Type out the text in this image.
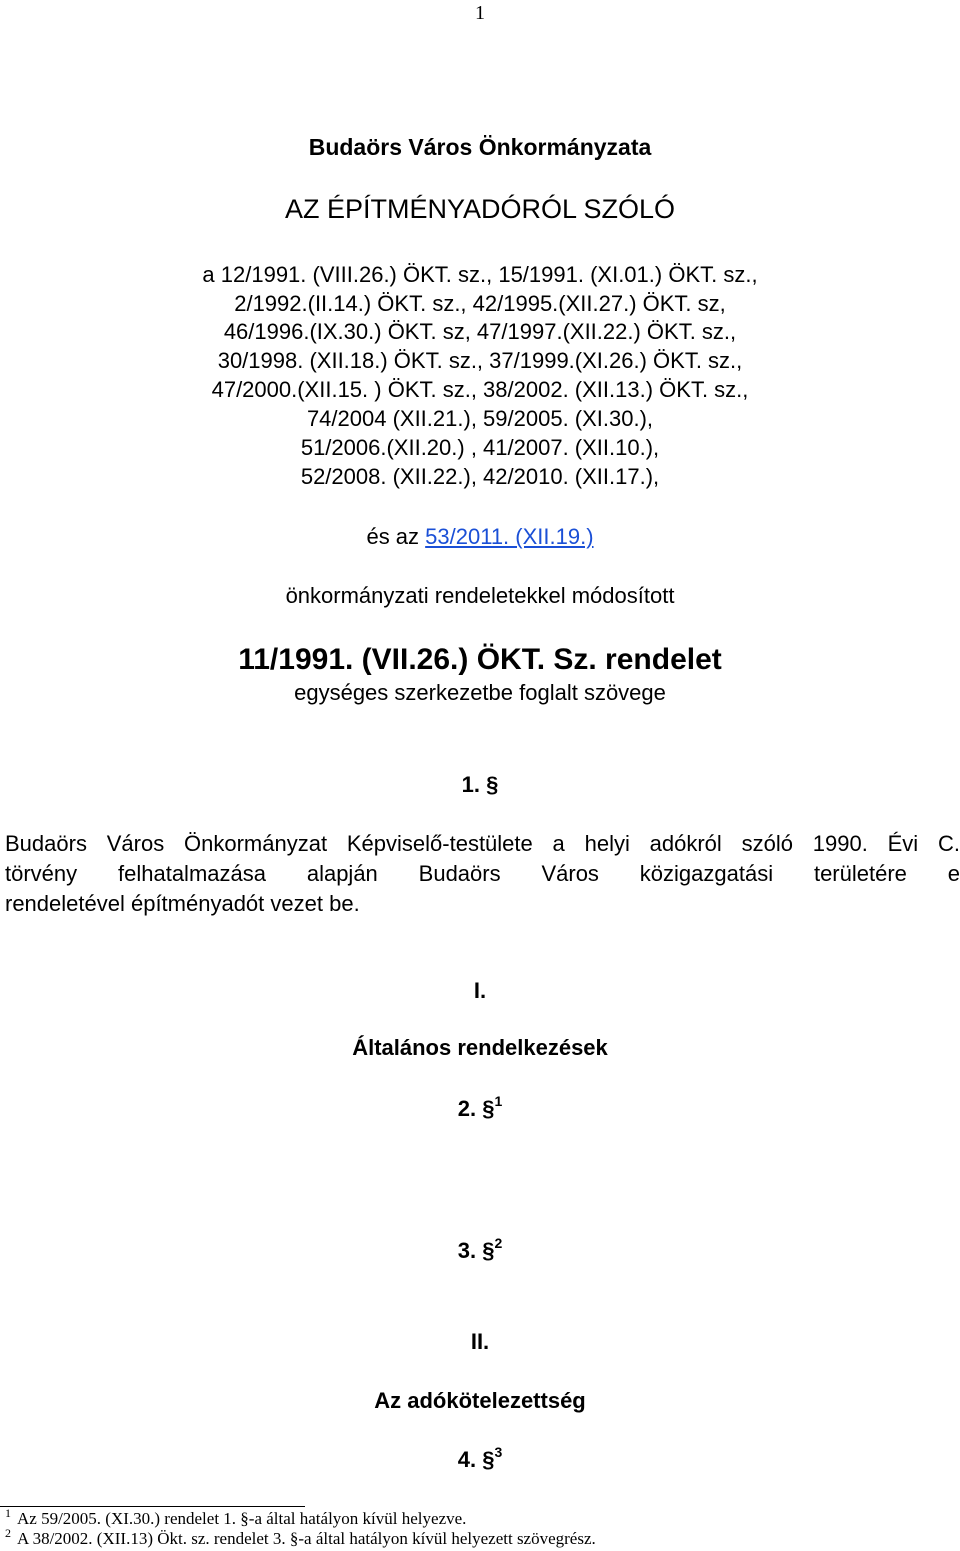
1
Budaörs Város Önkormányzata
AZ ÉPÍTMÉNYADÓRÓL SZÓLÓ
a 12/1991. (VIII.26.) ÖKT. sz., 15/1991. (XI.01.) ÖKT. sz.,
2/1992.(II.14.) ÖKT. sz., 42/1995.(XII.27.) ÖKT. sz,
46/1996.(IX.30.) ÖKT. sz, 47/1997.(XII.22.) ÖKT. sz.,
30/1998. (XII.18.) ÖKT. sz., 37/1999.(XI.26.) ÖKT. sz.,
47/2000.(XII.15. ) ÖKT. sz., 38/2002. (XII.13.) ÖKT. sz.,
74/2004 (XII.21.), 59/2005. (XI.30.),
51/2006.(XII.20.) , 41/2007. (XII.10.),
52/2008. (XII.22.), 42/2010. (XII.17.),
és az 53/2011. (XII.19.)
önkormányzati rendeletekkel módosított
11/1991. (VII.26.) ÖKT. Sz. rendelet
egységes szerkezetbe foglalt szövege
1. §
Budaörs Város Önkormányzat Képviselő-testülete a helyi adókról szóló 1990. Évi C.
törvény felhatalmazása alapján Budaörs Város közigazgatási területére e
rendeletével építményadót vezet be.
I.
Általános rendelkezések
2. §$^1$
3. §$^2$
II.
Az adókötelezettség
4. §$^3$
$^1$ Az 59/2005. (XI.30.) rendelet 1. §-a által hatályon kívül helyezve.
$^2$ A 38/2002. (XII.13) Ökt. sz. rendelet 3. §-a által hatályon kívül helyezett szövegrész.
